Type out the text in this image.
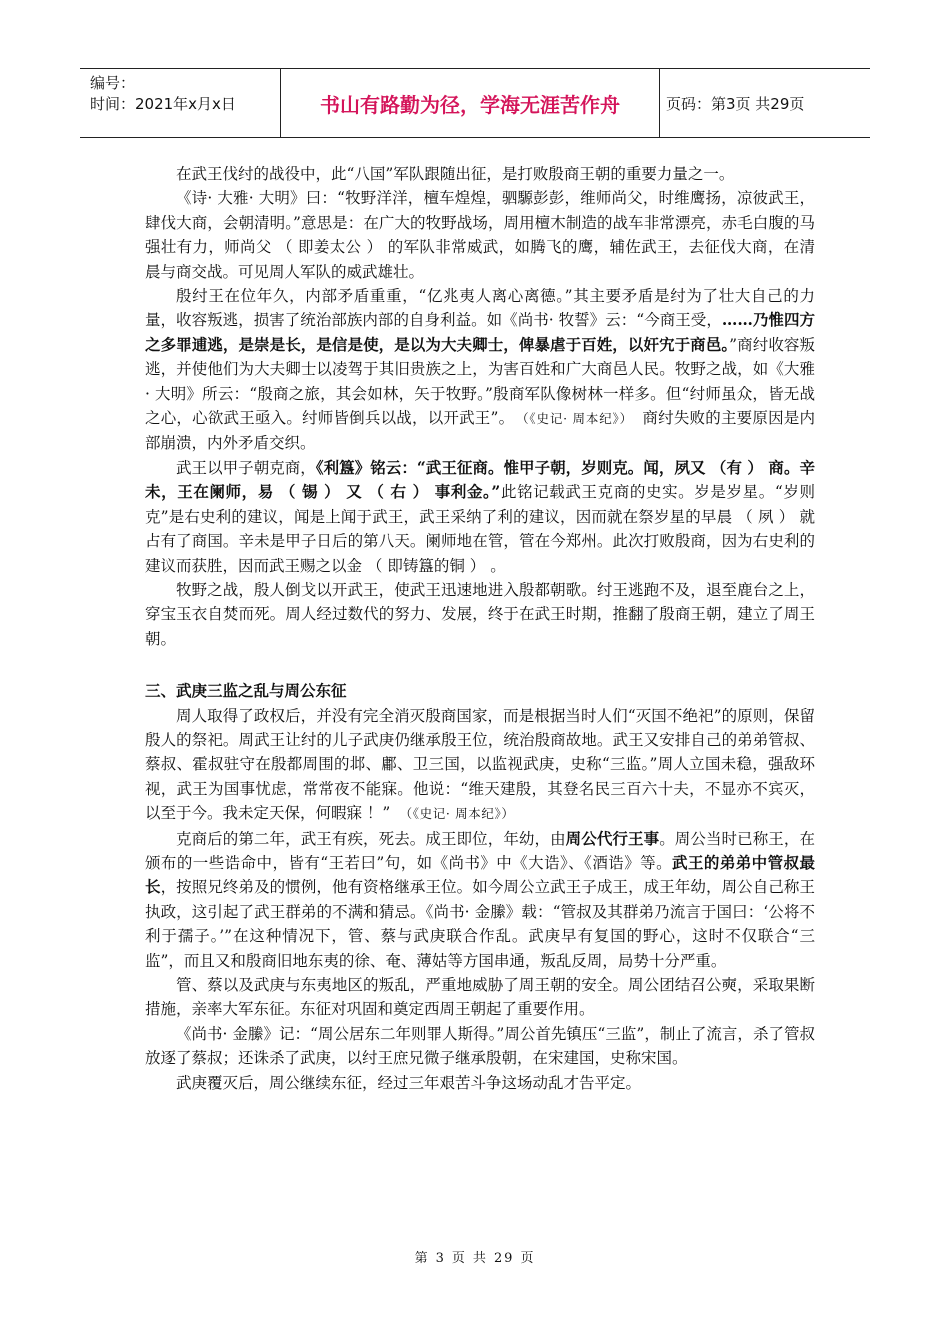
编号：
时间：2021年x月x日	书山有路勤为径，学海无涯苦作舟	页码：第3页 共29页

在武王伐纣的战役中，此“八国”军队跟随出征，是打败殷商王朝的重要力量之一。

《诗· 大雅· 大明》曰：“牧野洋洋，檀车煌煌，驷騵彭彭，维师尚父，时维鹰扬，凉彼武王，肆伐大商，会朝清明。”意思是：在广大的牧野战场，周用檀木制造的战车非常漂亮，赤毛白腹的马强壮有力，师尚父 （ 即姜太公 ） 的军队非常威武，如腾飞的鹰，辅佐武王，去征伐大商，在清晨与商交战。可见周人军队的威武雄壮。

殷纣王在位年久，内部矛盾重重，“亿兆夷人离心离德。”其主要矛盾是纣为了壮大自己的力量，收容叛逃，损害了统治部族内部的自身利益。如《尚书· 牧誓》云：“今商王受，……乃惟四方之多罪逋逃，是崇是长，是信是使，是以为大夫卿士，俾暴虐于百姓，以奸宄于商邑。”商纣收容叛逃，并使他们为大夫卿士以凌驾于其旧贵族之上，为害百姓和广大商邑人民。牧野之战，如《大雅· 大明》所云：“殷商之旅，其会如林，矢于牧野。”殷商军队像树林一样多。但“纣师虽众，皆无战之心，心欲武王亟入。纣师皆倒兵以战，以开武王”。　 （《史记· 周本纪》）　 商纣失败的主要原因是内部崩溃，内外矛盾交织。

武王以甲子朝克商，《利簋》铭云：“武王征商。惟甲子朝，岁则克。闻，夙又 （有 ） 商。辛未，王在阑师，易 （ 锡 ） 又 （ 右 ） 事利金。”此铭记载武王克商的史实。岁是岁星。“岁则克”是右史利的建议，闻是上闻于武王，武王采纳了利的建议，因而就在祭岁星的早晨 （ 夙 ） 就占有了商国。辛未是甲子日后的第八天。阑师地在管，管在今郑州。此次打败殷商，因为右史利的建议而获胜，因而武王赐之以金 （ 即铸簋的铜 ） 。

牧野之战，殷人倒戈以开武王，使武王迅速地进入殷都朝歌。纣王逃跑不及，退至鹿台之上，穿宝玉衣自焚而死。周人经过数代的努力、发展，终于在武王时期，推翻了殷商王朝，建立了周王朝。

三、武庚三监之乱与周公东征

周人取得了政权后，并没有完全消灭殷商国家，而是根据当时人们“灭国不绝祀”的原则，保留殷人的祭祀。周武王让纣的儿子武庚仍继承殷王位，统治殷商故地。武王又安排自己的弟弟管叔、蔡叔、霍叔驻守在殷都周围的邶、鄘、卫三国，以监视武庚，史称“三监。”周人立国未稳，强敌环视，武王为国事忧虑，常常夜不能寐。他说：“维天建殷，其登名民三百六十夫，不显亦不宾灭，以至于今。我未定天保，何暇寐 ！”　 （《史记· 周本纪》）

克商后的第二年，武王有疾，死去。成王即位，年幼，由周公代行王事。周公当时已称王，在颁布的一些诰命中，皆有“王若曰”句，如《尚书》中《大诰》、《酒诰》等。武王的弟弟中管叔最长，按照兄终弟及的惯例，他有资格继承王位。如今周公立武王子成王，成王年幼，周公自己称王执政，这引起了武王群弟的不满和猜忌。《尚书· 金縢》载：“管叔及其群弟乃流言于国曰：‘公将不利于孺子。’”在这种情况下，管、蔡与武庚联合作乱。武庚早有复国的野心，这时不仅联合“三监”，而且又和殷商旧地东夷的徐、奄、薄姑等方国串通，叛乱反周，局势十分严重。

管、蔡以及武庚与东夷地区的叛乱，严重地威胁了周王朝的安全。周公团结召公奭，采取果断措施，亲率大军东征。东征对巩固和奠定西周王朝起了重要作用。

《尚书· 金縢》记：“周公居东二年则罪人斯得。”周公首先镇压“三监”，制止了流言，杀了管叔放逐了蔡叔；还诛杀了武庚，以纣王庶兄微子继承殷朝，在宋建国，史称宋国。

武庚覆灭后，周公继续东征，经过三年艰苦斗争这场动乱才告平定。

第 3 页 共 29 页
